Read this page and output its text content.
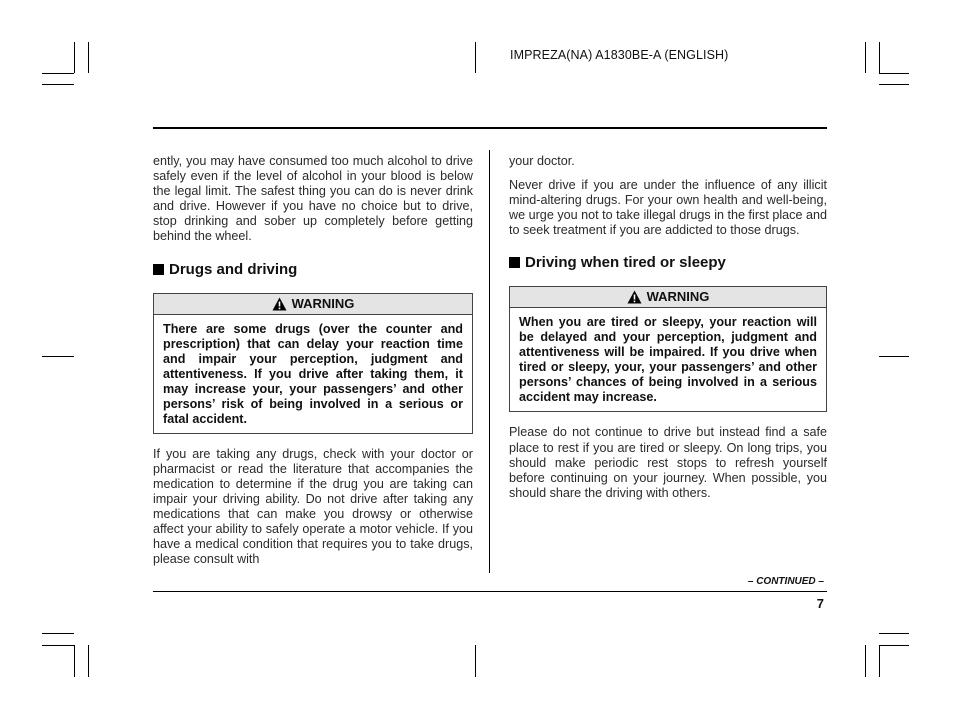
IMPREZA(NA) A1830BE-A (ENGLISH)

ently, you may have consumed too much alcohol to drive safely even if the level of alcohol in your blood is below the legal limit. The safest thing you can do is never drink and drive. However if you have no choice but to drive, stop drinking and sober up completely before getting behind the wheel.

Drugs and driving
WARNING
There are some drugs (over the counter and prescription) that can delay your reaction time and impair your perception, judgment and attentiveness. If you drive after taking them, it may increase your, your passengers’ and other persons’ risk of being involved in a serious or fatal accident.

If you are taking any drugs, check with your doctor or pharmacist or read the literature that accompanies the medication to determine if the drug you are taking can impair your driving ability. Do not drive after taking any medications that can make you drowsy or otherwise affect your ability to safely operate a motor vehicle. If you have a medical condition that requires you to take drugs, please consult with

your doctor.

Never drive if you are under the influence of any illicit mind-altering drugs. For your own health and well-being, we urge you not to take illegal drugs in the first place and to seek treatment if you are addicted to those drugs.

Driving when tired or sleepy
WARNING
When you are tired or sleepy, your reaction will be delayed and your perception, judgment and attentiveness will be impaired. If you drive when tired or sleepy, your, your passengers’ and other persons’ chances of being involved in a serious accident may increase.

Please do not continue to drive but instead find a safe place to rest if you are tired or sleepy. On long trips, you should make periodic rest stops to refresh yourself before continuing on your journey. When possible, you should share the driving with others.

– CONTINUED –
7
